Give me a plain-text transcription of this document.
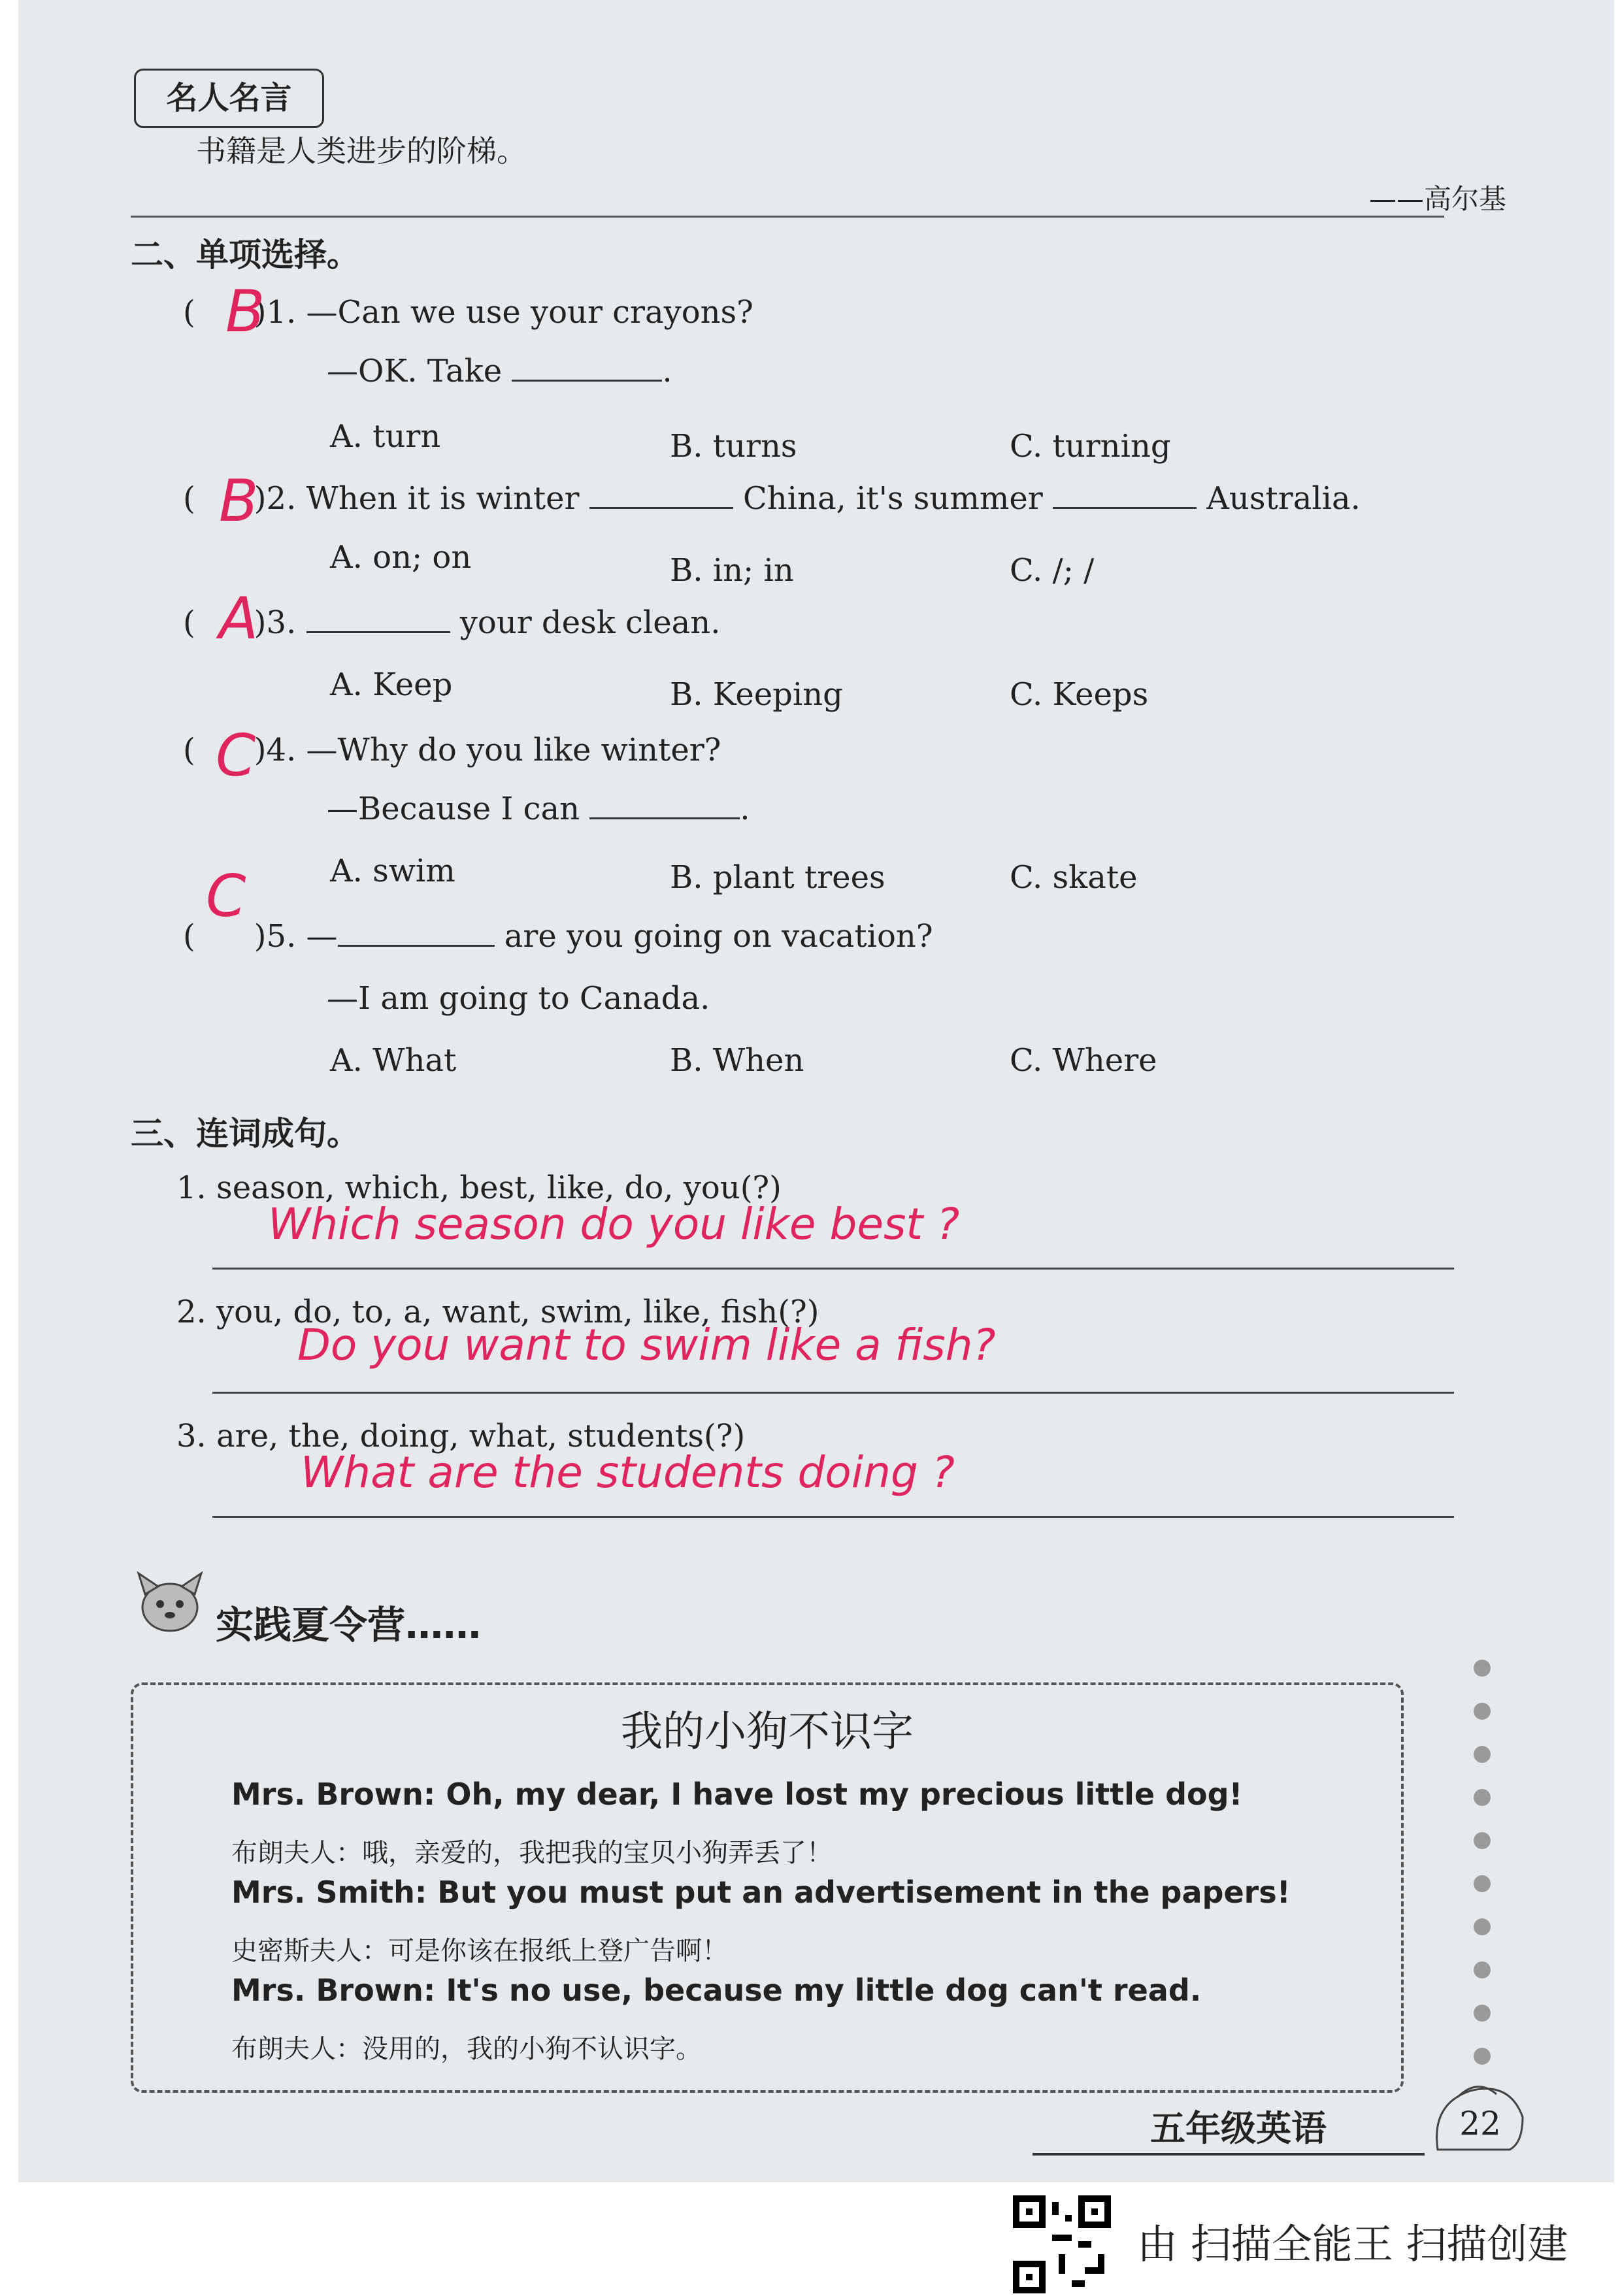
名人名言
书籍是人类进步的阶梯。
——高尔基
二、单项选择。
( )1. —Can we use your crayons?
B
—OK. Take	.
A. turn	B. turns	C. turning
( )2. When it is winter	China, it's summer	Australia.
B
A. on; on	B. in; in	C. /; /
( )3.	your desk clean.
A
A. Keep	B. Keeping	C. Keeps
( )4. —Why do you like winter?
C
—Because I can	.
A. swim	B. plant trees	C. skate
( )5. —	are you going on vacation?
C
—I am going to Canada.
A. What	B. When	C. Where
三、连词成句。
1. season, which, best, like, do, you(?)
Which season do you like best ?
2. you, do, to, a, want, swim, like, fish(?)
Do you want to swim like a fish?
3. are, the, doing, what, students(?)
What are the students doing ?
实践夏令营……
我的小狗不识字
Mrs. Brown: Oh, my dear, I have lost my precious little dog!
布朗夫人：哦，亲爱的，我把我的宝贝小狗弄丢了！
Mrs. Smith: But you must put an advertisement in the papers!
史密斯夫人：可是你该在报纸上登广告啊！
Mrs. Brown: It's no use, because my little dog can't read.
布朗夫人：没用的，我的小狗不认识字。
五年级英语	22
由 扫描全能王 扫描创建
